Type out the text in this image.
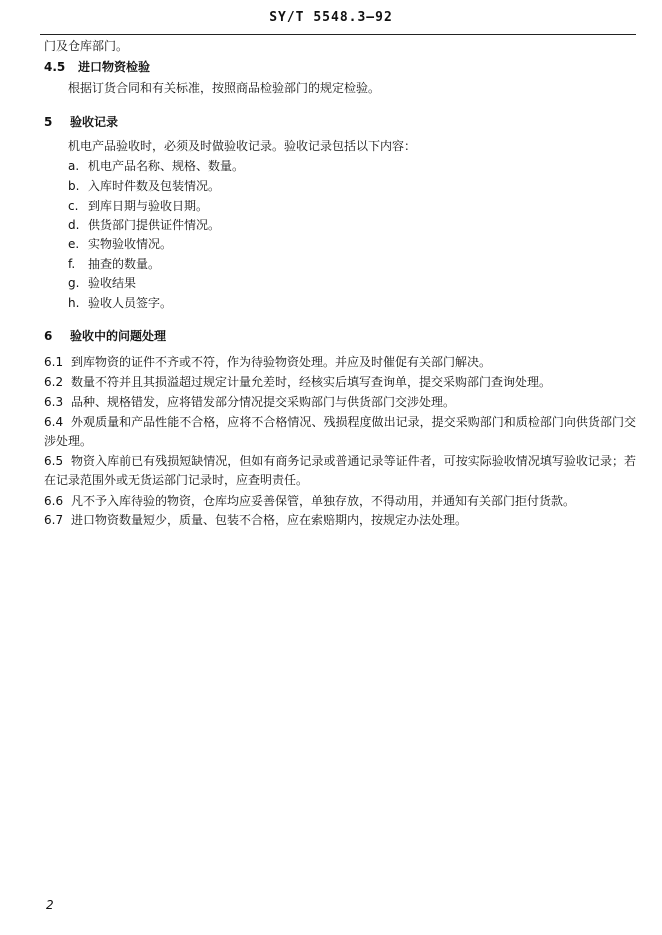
SY/T 5548.3—92
门及仓库部门。
4.5 进口物资检验
根据订货合同和有关标准，按照商品检验部门的规定检验。
5 验收记录
机电产品验收时，必须及时做验收记录。验收记录包括以下内容：
a. 机电产品名称、规格、数量。
b. 入库时件数及包装情况。
c. 到库日期与验收日期。
d. 供货部门提供证件情况。
e. 实物验收情况。
f. 抽查的数量。
g. 验收结果
h. 验收人员签字。
6 验收中的问题处理
6.1 到库物资的证件不齐或不符，作为待验物资处理。并应及时催促有关部门解决。
6.2 数量不符并且其损溢超过规定计量允差时，经核实后填写查询单，提交采购部门查询处理。
6.3 品种、规格错发，应将错发部分情况提交采购部门与供货部门交涉处理。
6.4 外观质量和产品性能不合格，应将不合格情况、残损程度做出记录，提交采购部门和质检部门向供货部门交涉处理。
6.5 物资入库前已有残损短缺情况，但如有商务记录或普通记录等证件者，可按实际验收情况填写验收记录；若在记录范围外或无货运部门记录时，应查明责任。
6.6 凡不予入库待验的物资，仓库均应妥善保管，单独存放，不得动用，并通知有关部门拒付货款。
6.7 进口物资数量短少，质量、包装不合格，应在索赔期内，按规定办法处理。
2
